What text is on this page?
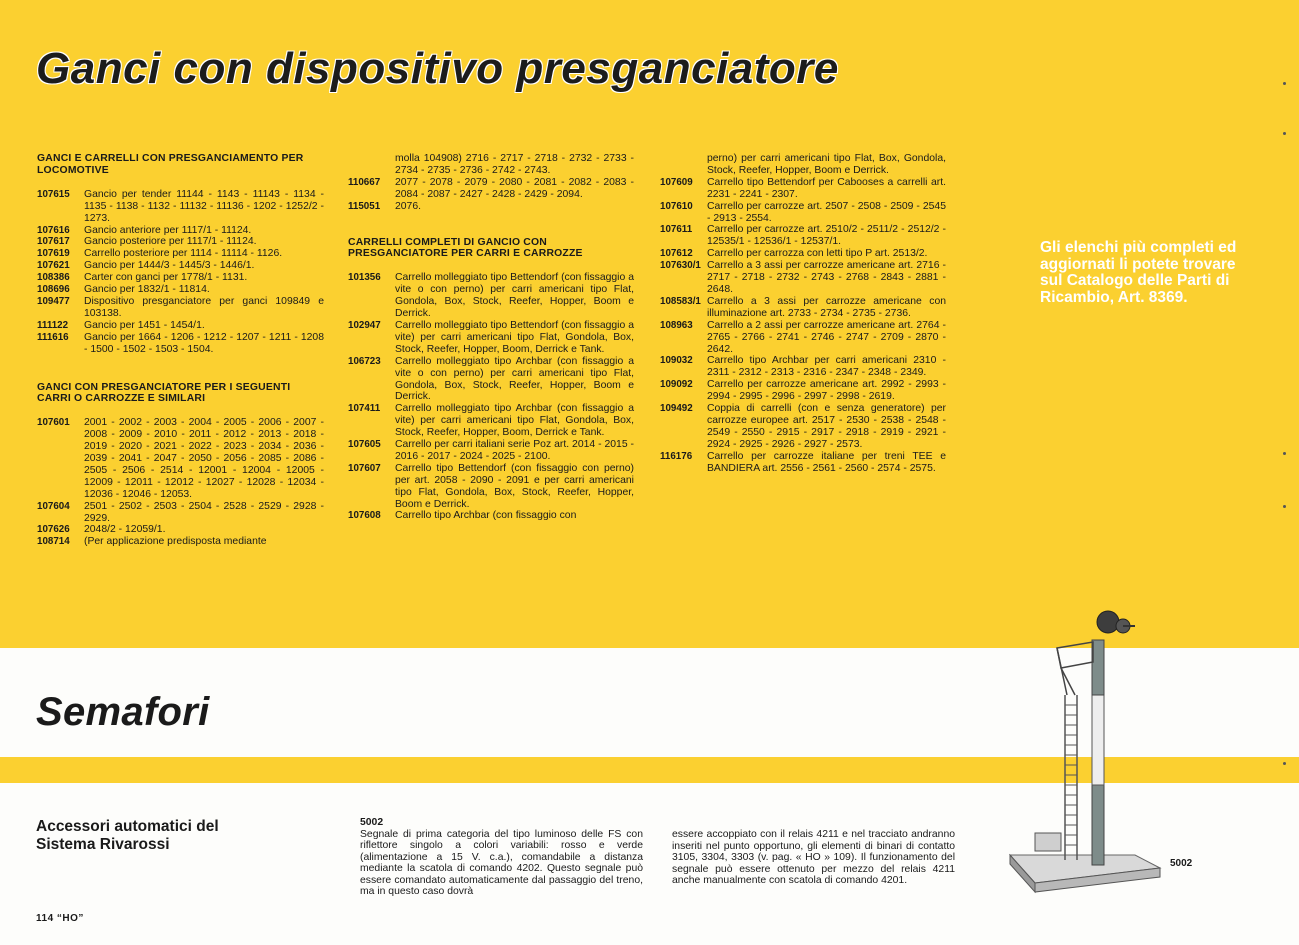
Ganci con dispositivo presganciatore
GANCI E CARRELLI CON PRESGANCIAMENTO PER LOCOMOTIVE
107615	Gancio per tender 11144 - 1143 - 11143 - 1134 - 1135 - 1138 - 1132 - 11132 - 11136 - 1202 - 1252/2 - 1273.
107616	Gancio anteriore per 1117/1 - 11124.
107617	Gancio posteriore per 1117/1 - 11124.
107619	Carrello posteriore per 1114 - 11114 - 1126.
107621	Gancio per 1444/3 - 1445/3 - 1446/1.
108386	Carter con ganci per 1778/1 - 1131.
108696	Gancio per 1832/1 - 11814.
109477	Dispositivo presganciatore per ganci 109849 e 103138.
111122	Gancio per 1451 - 1454/1.
111616	Gancio per 1664 - 1206 - 1212 - 1207 - 1211 - 1208 - 1500 - 1502 - 1503 - 1504.
GANCI CON PRESGANCIATORE PER I SEGUENTI CARRI O CARROZZE E SIMILARI
107601	2001 - 2002 - 2003 - 2004 - 2005 - 2006 - 2007 - 2008 - 2009 - 2010 - 2011 - 2012 - 2013 - 2018 - 2019 - 2020 - 2021 - 2022 - 2023 - 2034 - 2036 - 2039 - 2041 - 2047 - 2050 - 2056 - 2085 - 2086 - 2505 - 2506 - 2514 - 12001 - 12004 - 12005 - 12009 - 12011 - 12012 - 12027 - 12028 - 12034 - 12036 - 12046 - 12053.
107604	2501 - 2502 - 2503 - 2504 - 2528 - 2529 - 2928 - 2929.
107626	2048/2 - 12059/1.
108714	(Per applicazione predisposta mediante
molla 104908) 2716 - 2717 - 2718 - 2732 - 2733 - 2734 - 2735 - 2736 - 2742 - 2743.
110667	2077 - 2078 - 2079 - 2080 - 2081 - 2082 - 2083 - 2084 - 2087 - 2427 - 2428 - 2429 - 2094.
115051	2076.
CARRELLI COMPLETI DI GANCIO CON PRESGANCIATORE PER CARRI E CARROZZE
101356	Carrello molleggiato tipo Bettendorf (con fissaggio a vite o con perno) per carri americani tipo Flat, Gondola, Box, Stock, Reefer, Hopper, Boom e Derrick.
102947	Carrello molleggiato tipo Bettendorf (con fissaggio a vite) per carri americani tipo Flat, Gondola, Box, Stock, Reefer, Hopper, Boom, Derrick e Tank.
106723	Carrello molleggiato tipo Archbar (con fissaggio a vite o con perno) per carri americani tipo Flat, Gondola, Box, Stock, Reefer, Hopper, Boom e Derrick.
107411	Carrello molleggiato tipo Archbar (con fissaggio a vite) per carri americani tipo Flat, Gondola, Box, Stock, Reefer, Hopper, Boom, Derrick e Tank.
107605	Carrello per carri italiani serie Poz art. 2014 - 2015 - 2016 - 2017 - 2024 - 2025 - 2100.
107607	Carrello tipo Bettendorf (con fissaggio con perno) per art. 2058 - 2090 - 2091 e per carri americani tipo Flat, Gondola, Box, Stock, Reefer, Hopper, Boom e Derrick.
107608	Carrello tipo Archbar (con fissaggio con
perno) per carri americani tipo Flat, Box, Gondola, Stock, Reefer, Hopper, Boom e Derrick.
107609	Carrello tipo Bettendorf per Cabooses a carrelli art. 2231 - 2241 - 2307.
107610	Carrello per carrozze art. 2507 - 2508 - 2509 - 2545 - 2913 - 2554.
107611	Carrello per carrozze art. 2510/2 - 2511/2 - 2512/2 - 12535/1 - 12536/1 - 12537/1.
107612	Carrello per carrozza con letti tipo P art. 2513/2.
107630/1 Carrello a 3 assi per carrozze americane art. 2716 - 2717 - 2718 - 2732 - 2743 - 2768 - 2843 - 2881 - 2648.
108583/1 Carrello a 3 assi per carrozze americane con illuminazione art. 2733 - 2734 - 2735 - 2736.
108963	Carrello a 2 assi per carrozze americane art. 2764 - 2765 - 2766 - 2741 - 2746 - 2747 - 2709 - 2870 - 2642.
109032	Carrello tipo Archbar per carri americani 2310 - 2311 - 2312 - 2313 - 2316 - 2347 - 2348 - 2349.
109092	Carrello per carrozze americane art. 2992 - 2993 - 2994 - 2995 - 2996 - 2997 - 2998 - 2619.
109492	Coppia di carrelli (con e senza generatore) per carrozze europee art. 2517 - 2530 - 2538 - 2548 - 2549 - 2550 - 2915 - 2917 - 2918 - 2919 - 2921 - 2924 - 2925 - 2926 - 2927 - 2573.
116176	Carrello per carrozze italiane per treni TEE e BANDIERA art. 2556 - 2561 - 2560 - 2574 - 2575.
Gli elenchi più completi ed aggiornati li potete trovare sul Catalogo delle Parti di Ricambio, Art. 8369.
Semafori
Accessori automatici del Sistema Rivarossi
5002
Segnale di prima categoria del tipo luminoso delle FS con riflettore singolo a colori variabili: rosso e verde (alimentazione a 15 V. c.a.), comandabile a distanza mediante la scatola di comando 4202. Questo segnale può essere comandato automaticamente dal passaggio del treno, ma in questo caso dovrà
essere accoppiato con il relais 4211 e nel tracciato andranno inseriti nel punto opportuno, gli elementi di binari di contatto 3105, 3304, 3303 (v. pag. « HO » 109). Il funzionamento del segnale può essere ottenuto per mezzo del relais 4211 anche manualmente con scatola di comando 4201.
5002
114 “HO”
